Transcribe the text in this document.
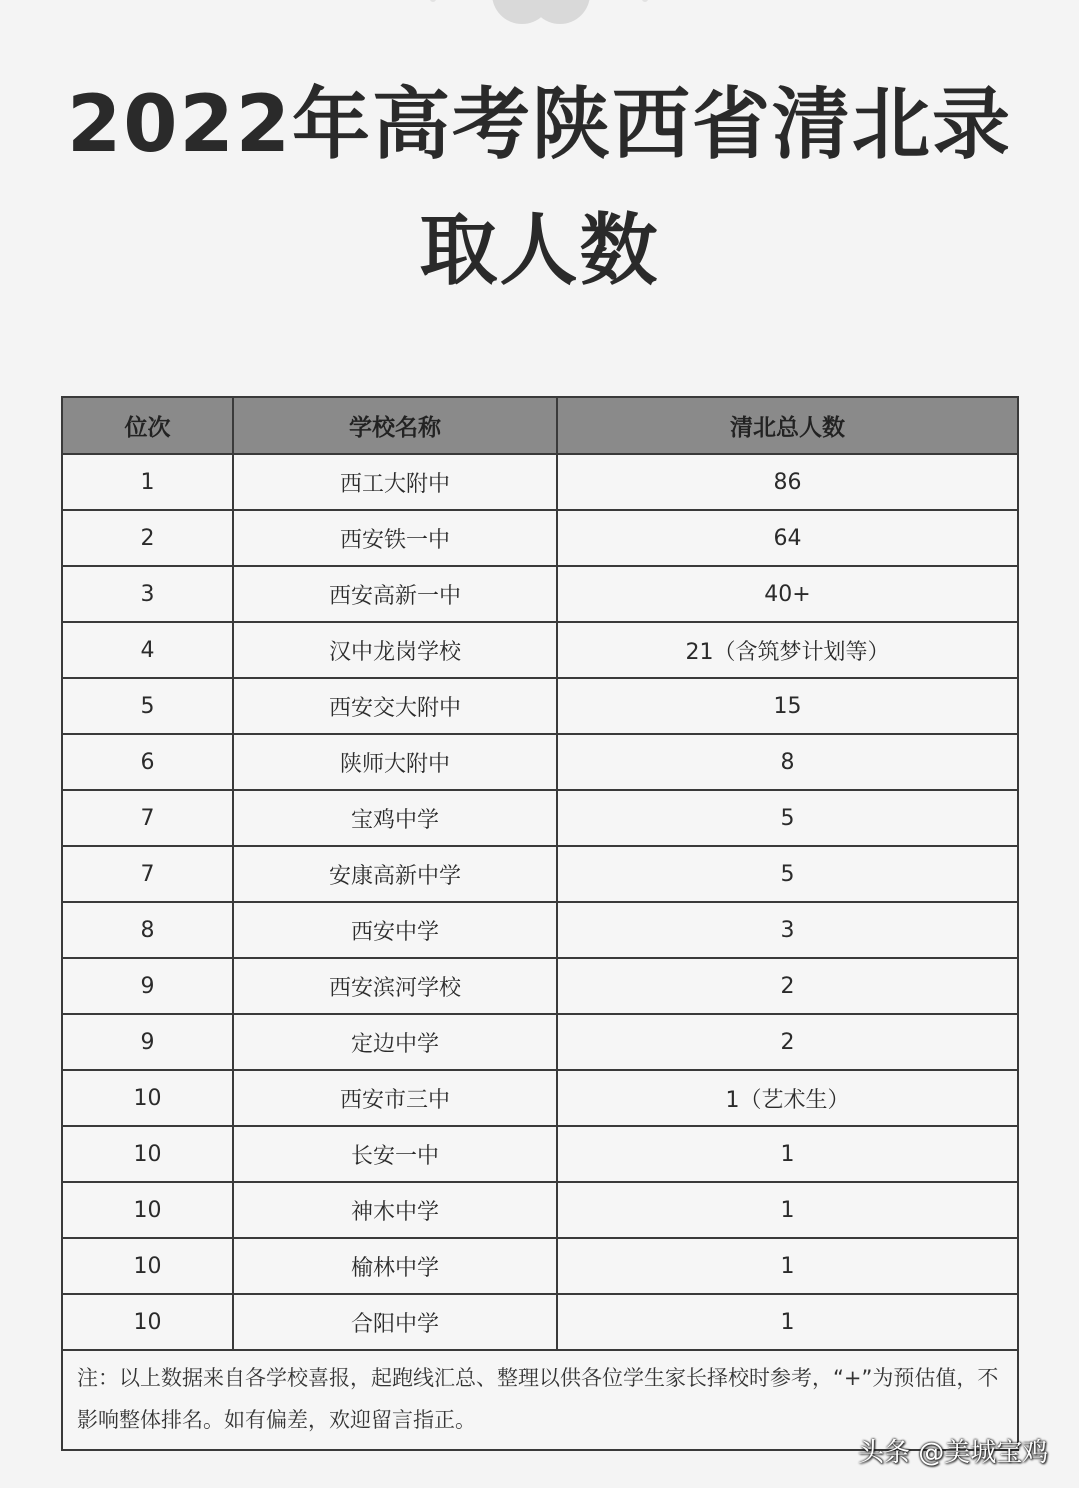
2022年高考陕西省清北录
取人数
位次	学校名称	清北总人数
1	西工大附中	86
2	西安铁一中	64
3	西安高新一中	40+
4	汉中龙岗学校	21（含筑梦计划等）
5	西安交大附中	15
6	陕师大附中	8
7	宝鸡中学	5
7	安康高新中学	5
8	西安中学	3
9	西安滨河学校	2
9	定边中学	2
10	西安市三中	1（艺术生）
10	长安一中	1
10	神木中学	1
10	榆林中学	1
10	合阳中学	1
注：以上数据来自各学校喜报，起跑线汇总、整理以供各位学生家长择校时参考，“+”为预估值，不影响整体排名。如有偏差，欢迎留言指正。		
头条 @美城宝鸡
